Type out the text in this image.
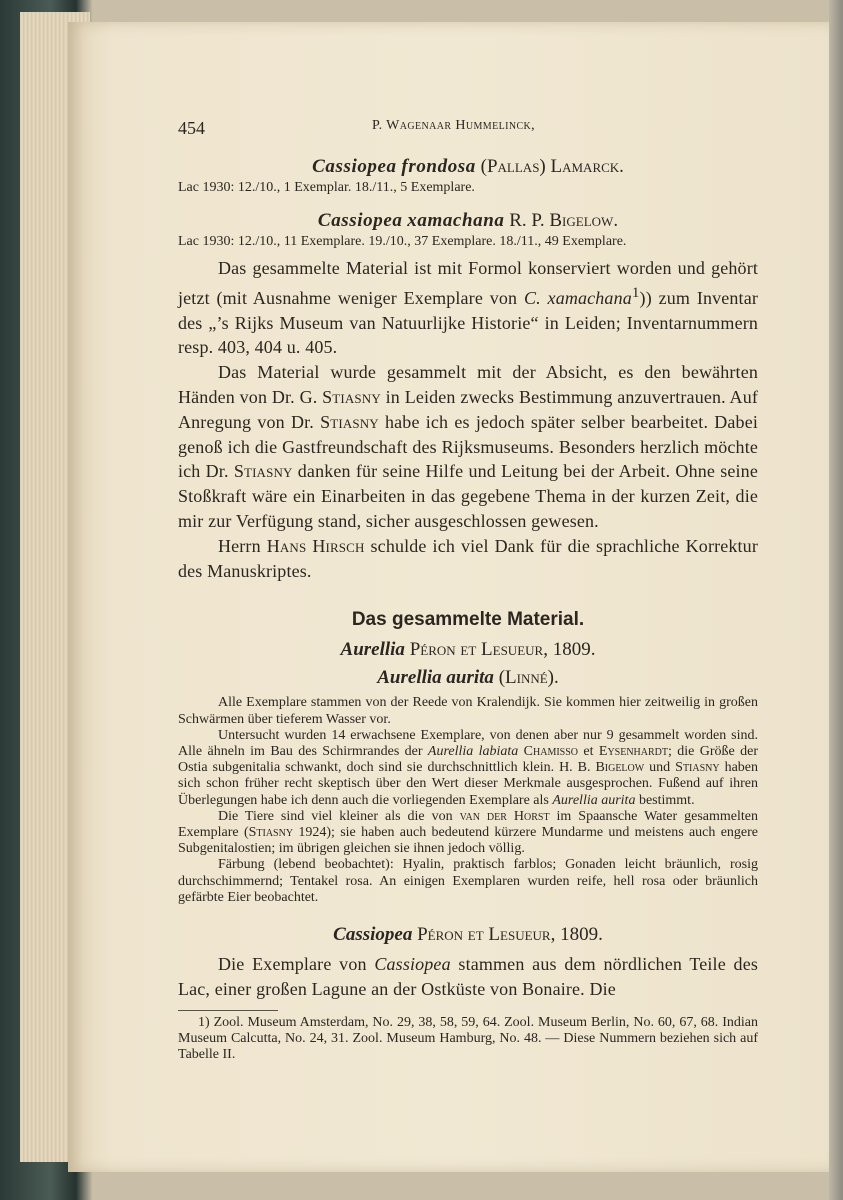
454	P. Wagenaar Hummelinck,
Cassiopea frondosa (Pallas) Lamarck.
Lac 1930: 12./10., 1 Exemplar. 18./11., 5 Exemplare.
Cassiopea xamachana R. P. Bigelow.
Lac 1930: 12./10., 11 Exemplare. 19./10., 37 Exemplare. 18./11., 49 Exemplare.

Das gesammelte Material ist mit Formol konserviert worden und gehört jetzt (mit Ausnahme weniger Exemplare von C. xamachana$^1$)) zum Inventar des „’s Rijks Museum van Natuurlijke Historie“ in Leiden; Inventarnummern resp. 403, 404 u. 405.

Das Material wurde gesammelt mit der Absicht, es den bewährten Händen von Dr. G. Stiasny in Leiden zwecks Bestimmung anzuvertrauen. Auf Anregung von Dr. Stiasny habe ich es jedoch später selber bearbeitet. Dabei genoß ich die Gastfreundschaft des Rijksmuseums. Besonders herzlich möchte ich Dr. Stiasny danken für seine Hilfe und Leitung bei der Arbeit. Ohne seine Stoßkraft wäre ein Einarbeiten in das gegebene Thema in der kurzen Zeit, die mir zur Verfügung stand, sicher ausgeschlossen gewesen.

Herrn Hans Hirsch schulde ich viel Dank für die sprachliche Korrektur des Manuskriptes.

Das gesammelte Material.
Aurellia Péron et Lesueur, 1809.
Aurellia aurita (Linné).

Alle Exemplare stammen von der Reede von Kralendijk. Sie kommen hier zeitweilig in großen Schwärmen über tieferem Wasser vor.

Untersucht wurden 14 erwachsene Exemplare, von denen aber nur 9 gesammelt worden sind. Alle ähneln im Bau des Schirmrandes der Aurellia labiata Chamisso et Eysenhardt; die Größe der Ostia subgenitalia schwankt, doch sind sie durchschnittlich klein. H. B. Bigelow und Stiasny haben sich schon früher recht skeptisch über den Wert dieser Merkmale ausgesprochen. Fußend auf ihren Überlegungen habe ich denn auch die vorliegenden Exemplare als Aurellia aurita bestimmt.

Die Tiere sind viel kleiner als die von van der Horst im Spaansche Water gesammelten Exemplare (Stiasny 1924); sie haben auch bedeutend kürzere Mundarme und meistens auch engere Subgenitalostien; im übrigen gleichen sie ihnen jedoch völlig.

Färbung (lebend beobachtet): Hyalin, praktisch farblos; Gonaden leicht bräunlich, rosig durchschimmernd; Tentakel rosa. An einigen Exemplaren wurden reife, hell rosa oder bräunlich gefärbte Eier beobachtet.

Cassiopea Péron et Lesueur, 1809.

Die Exemplare von Cassiopea stammen aus dem nördlichen Teile des Lac, einer großen Lagune an der Ostküste von Bonaire. Die

1) Zool. Museum Amsterdam, No. 29, 38, 58, 59, 64. Zool. Museum Berlin, No. 60, 67, 68. Indian Museum Calcutta, No. 24, 31. Zool. Museum Hamburg, No. 48. — Diese Nummern beziehen sich auf Tabelle II.
